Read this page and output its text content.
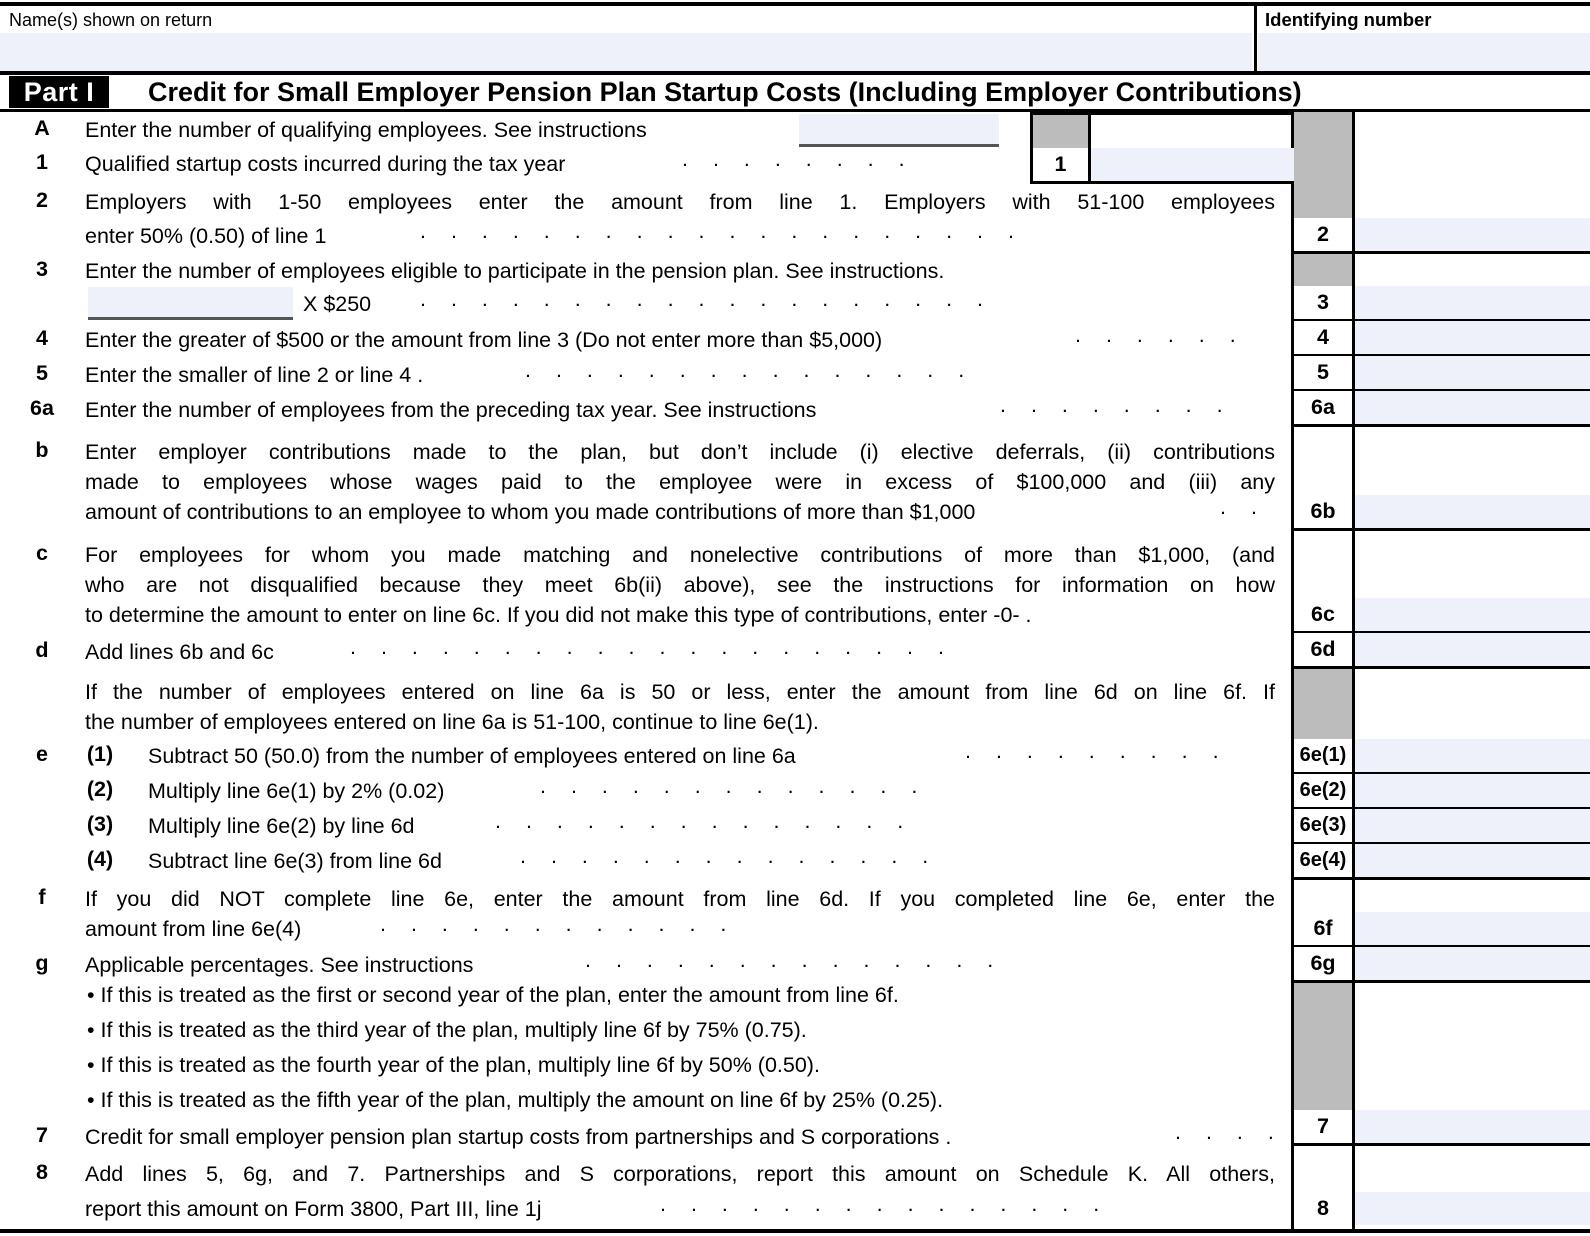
Name(s) shown on return	Identifying number
Part I	Credit for Small Employer Pension Plan Startup Costs (Including Employer Contributions)
A	Enter the number of qualifying employees. See instructions
1	Qualified startup costs incurred during the tax year	. . . . . . . .	1
2	Employers with 1-50 employees enter the amount from line 1. Employers with 51-100 employees
enter 50% (0.50) of line 1	. . . . . . . . . . . . . . . . . . . .	2
3	Enter the number of employees eligible to participate in the pension plan. See instructions.
X $250 . . . . . . . . . . . . . . . . . . .	3
4	Enter the greater of $500 or the amount from line 3 (Do not enter more than $5,000)	. . . . . .	4
5	Enter the smaller of line 2 or line 4 .	. . . . . . . . . . . . . . .	5
6a	Enter the number of employees from the preceding tax year. See instructions	. . . . . . . .	6a
b	Enter employer contributions made to the plan, but don’t include (i) elective deferrals, (ii) contributions
made to employees whose wages paid to the employee were in excess of $100,000 and (iii) any
amount of contributions to an employee to whom you made contributions of more than $1,000	. .	6b
c	For employees for whom you made matching and nonelective contributions of more than $1,000, (and
who are not disqualified because they meet 6b(ii) above), see the instructions for information on how
to determine the amount to enter on line 6c. If you did not make this type of contributions, enter -0- .	6c
d	Add lines 6b and 6c	. . . . . . . . . . . . . . . . . . . .	6d
If the number of employees entered on line 6a is 50 or less, enter the amount from line 6d on line 6f. If
the number of employees entered on line 6a is 51-100, continue to line 6e(1).
e	(1)	Subtract 50 (50.0) from the number of employees entered on line 6a	. . . . . . . . .	6e(1)
(2)	Multiply line 6e(1) by 2% (0.02)	. . . . . . . . . . . . .	6e(2)
(3)	Multiply line 6e(2) by line 6d	. . . . . . . . . . . . . .	6e(3)
(4)	Subtract line 6e(3) from line 6d	. . . . . . . . . . . . . .	6e(4)
f	If you did NOT complete line 6e, enter the amount from line 6d. If you completed line 6e, enter the
amount from line 6e(4)	. . . . . . . . . . . .	6f
g	Applicable percentages. See instructions	. . . . . . . . . . . . . .	6g
• If this is treated as the first or second year of the plan, enter the amount from line 6f.
• If this is treated as the third year of the plan, multiply line 6f by 75% (0.75).
• If this is treated as the fourth year of the plan, multiply line 6f by 50% (0.50).
• If this is treated as the fifth year of the plan, multiply the amount on line 6f by 25% (0.25).
7	Credit for small employer pension plan startup costs from partnerships and S corporations .	. . . .	7
8	Add lines 5, 6g, and 7. Partnerships and S corporations, report this amount on Schedule K. All others,
report this amount on Form 3800, Part III, line 1j	. . . . . . . . . . . . . . .	8
